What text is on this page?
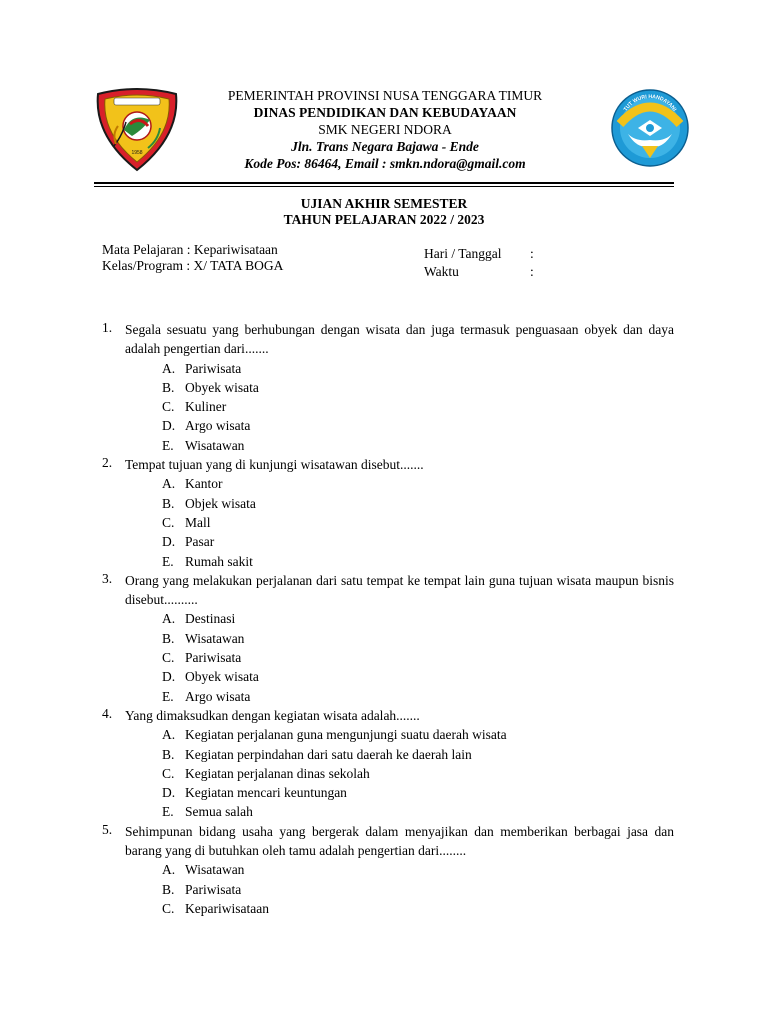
1958
PEMERINTAH PROVINSI NUSA TENGGARA TIMUR
DINAS PENDIDIKAN DAN KEBUDAYAAN
SMK NEGERI NDORA
Jln. Trans Negara Bajawa - Ende
Kode Pos: 86464, Email : smkn.ndora@gmail.com
TUT WURI HANDAYANI
UJIAN AKHIR SEMESTER
TAHUN PELAJARAN 2022 / 2023
Mata Pelajaran : Kepariwisataan
Kelas/Program : X/ TATA BOGA
Hari / Tanggal :
Waktu	:
1. Segala sesuatu yang berhubungan dengan wisata dan juga termasuk penguasaan obyek dan daya adalah pengertian dari.......
A. Pariwisata
B. Obyek wisata
C. Kuliner
D. Argo wisata
E. Wisatawan
2. Tempat tujuan yang di kunjungi wisatawan disebut.......
A. Kantor
B. Objek wisata
C. Mall
D. Pasar
E. Rumah sakit
3. Orang yang melakukan perjalanan dari satu tempat ke tempat lain guna tujuan wisata maupun bisnis disebut..........
A. Destinasi
B. Wisatawan
C. Pariwisata
D. Obyek wisata
E. Argo wisata
4. Yang dimaksudkan dengan kegiatan wisata adalah.......
A. Kegiatan perjalanan guna mengunjungi suatu daerah wisata
B. Kegiatan perpindahan dari satu daerah ke daerah lain
C. Kegiatan perjalanan dinas sekolah
D. Kegiatan mencari keuntungan
E. Semua salah
5. Sehimpunan bidang usaha yang bergerak dalam menyajikan dan memberikan berbagai jasa dan barang yang di butuhkan oleh tamu adalah pengertian dari........
A. Wisatawan
B. Pariwisata
C. Kepariwisataan
